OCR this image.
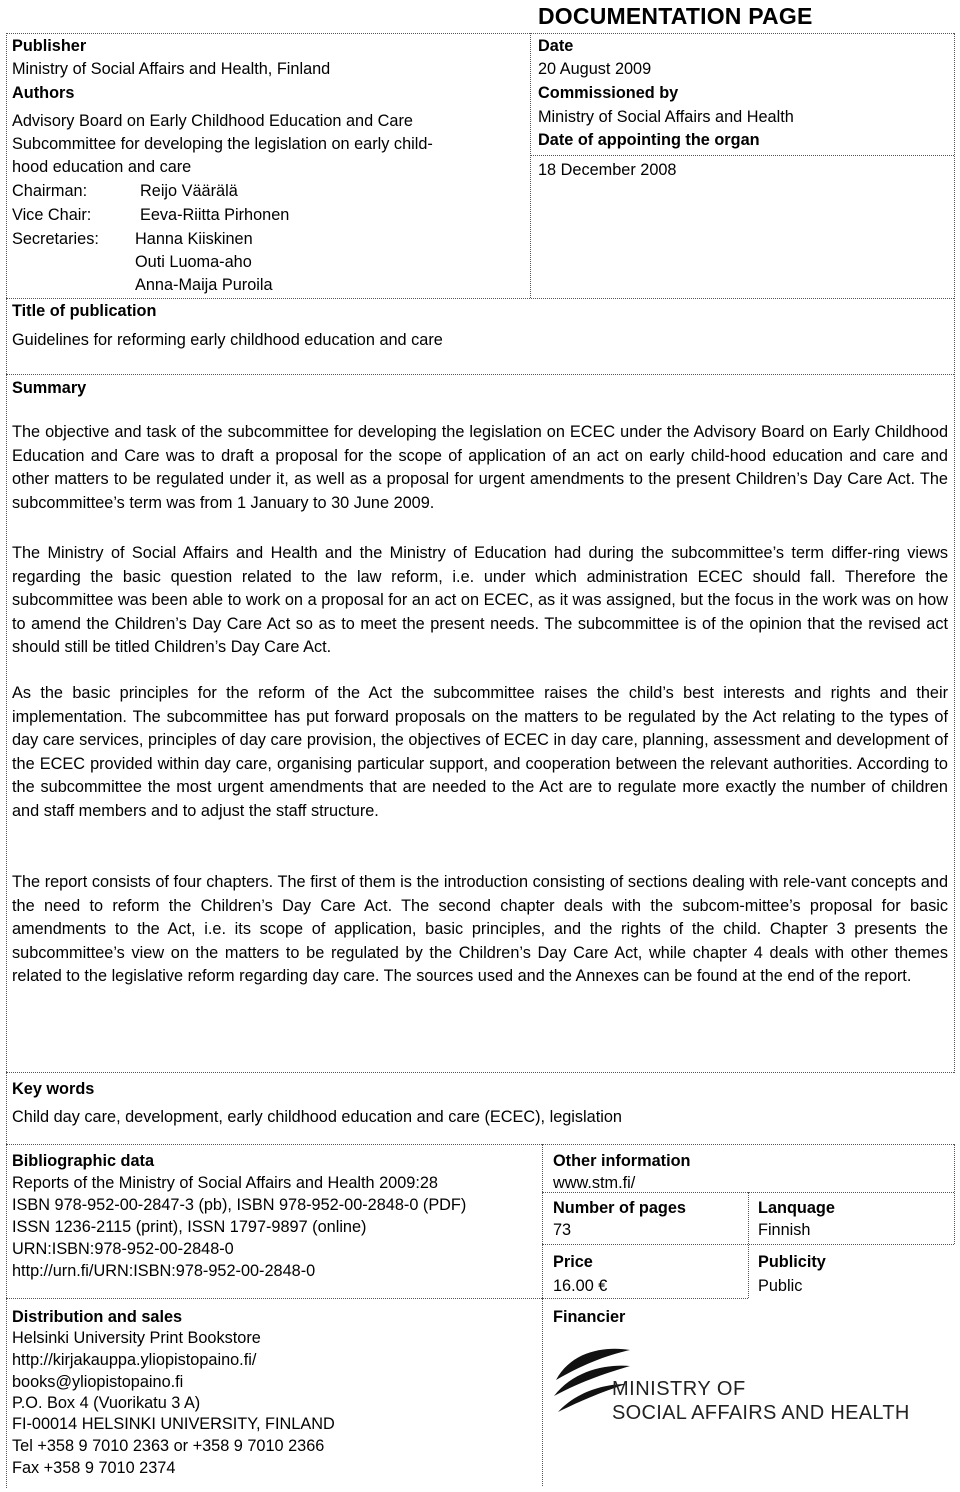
DOCUMENTATION PAGE
Publisher
Ministry of Social Affairs and Health, Finland
Authors
Advisory Board on Early Childhood Education and Care
Subcommittee for developing the legislation on early child-
hood education and care
Chairman:	Reijo Väärälä
Vice Chair:	Eeva-Riitta Pirhonen
Secretaries: Hanna Kiiskinen
Outi Luoma-aho
Anna-Maija Puroila
Title of publication
Guidelines for reforming early childhood education and care
Date
20 August 2009
Commissioned by
Ministry of Social Affairs and Health
Date of appointing the organ
18 December 2008
Summary
The objective and task of the subcommittee for developing the legislation on ECEC under the Advisory Board on Early Childhood Education and Care was to draft a proposal for the scope of application of an act on early child-hood education and care and other matters to be regulated under it, as well as a proposal for urgent amendments to the present Children’s Day Care Act. The subcommittee’s term was from 1 January to 30 June 2009.
The Ministry of Social Affairs and Health and the Ministry of Education had during the subcommittee’s term differ-ring views regarding the basic question related to the law reform, i.e. under which administration ECEC should fall. Therefore the subcommittee was been able to work on a proposal for an act on ECEC, as it was assigned, but the focus in the work was on how to amend the Children’s Day Care Act so as to meet the present needs. The subcommittee is of the opinion that the revised act should still be titled Children’s Day Care Act.
As the basic principles for the reform of the Act the subcommittee raises the child’s best interests and rights and their implementation. The subcommittee has put forward proposals on the matters to be regulated by the Act relating to the types of day care services, principles of day care provision, the objectives of ECEC in day care, planning, assessment and development of the ECEC provided within day care, organising particular support, and cooperation between the relevant authorities. According to the subcommittee the most urgent amendments that are needed to the Act are to regulate more exactly the number of children and staff members and to adjust the staff structure.
The report consists of four chapters. The first of them is the introduction consisting of sections dealing with rele-vant concepts and the need to reform the Children’s Day Care Act. The second chapter deals with the subcom-mittee’s proposal for basic amendments to the Act, i.e. its scope of application, basic principles, and the rights of the child. Chapter 3 presents the subcommittee’s view on the matters to be regulated by the Children’s Day Care Act, while chapter 4 deals with other themes related to the legislative reform regarding day care. The sources used and the Annexes can be found at the end of the report.
Key words
Child day care, development, early childhood education and care (ECEC), legislation
Bibliographic data
Reports of the Ministry of Social Affairs and Health 2009:28
ISBN 978-952-00-2847-3 (pb), ISBN 978-952-00-2848-0 (PDF)
ISSN 1236-2115 (print), ISSN 1797-9897 (online)
URN:ISBN:978-952-00-2848-0
http://urn.fi/URN:ISBN:978-952-00-2848-0
Other information
www.stm.fi/
Number of pages
73
Lanquage
Finnish
Price
16.00 €
Publicity
Public
Distribution and sales
Helsinki University Print Bookstore
http://kirjakauppa.yliopistopaino.fi/
books@yliopistopaino.fi
P.O. Box 4 (Vuorikatu 3 A)
FI-00014 HELSINKI UNIVERSITY, FINLAND
Tel +358 9 7010 2363 or +358 9 7010 2366
Fax +358 9 7010 2374
Financier
MINISTRY OF
SOCIAL AFFAIRS AND HEALTH
